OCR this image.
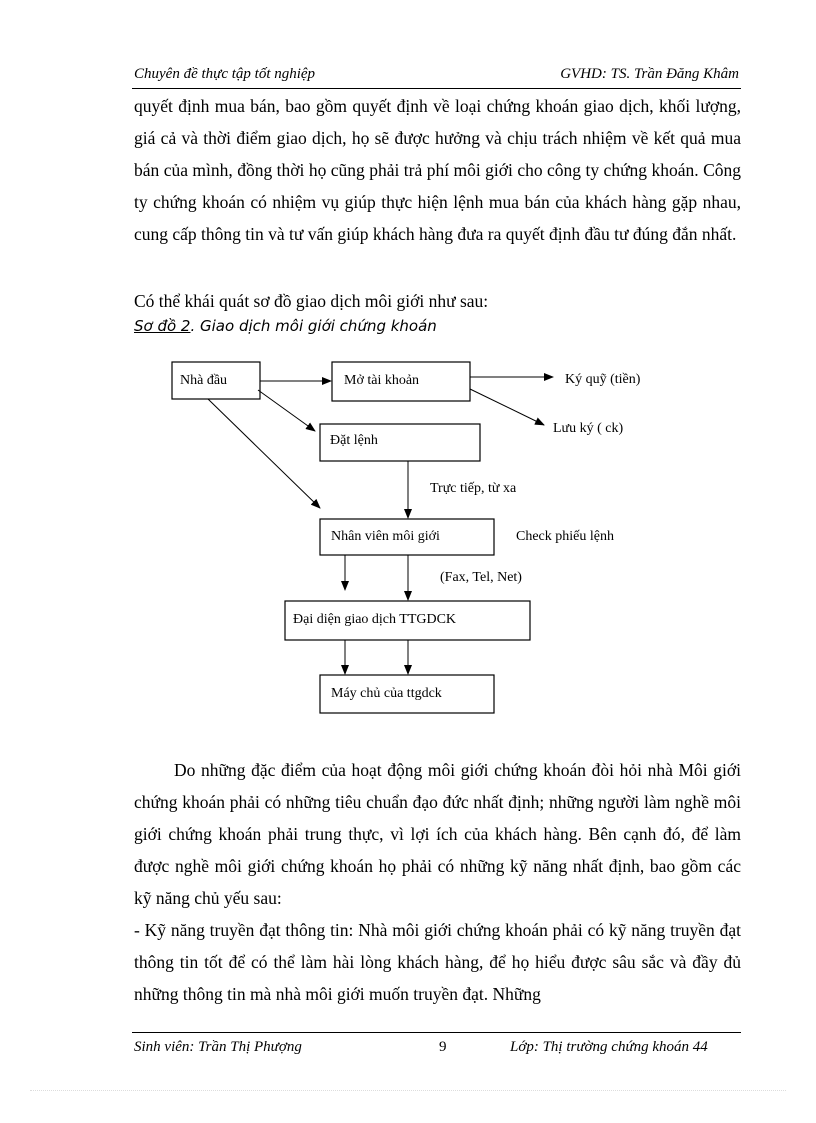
Chuyên đề thực tập tốt nghiệp	GVHD: TS. Trần Đăng Khâm

quyết định mua bán, bao gồm quyết định về loại chứng khoán giao dịch, khối lượng, giá cả và thời điểm giao dịch, họ sẽ được hưởng và chịu trách nhiệm về kết quả mua bán của mình, đồng thời họ cũng phải trả phí môi giới cho công ty chứng khoán. Công ty chứng khoán có nhiệm vụ giúp thực hiện lệnh mua bán của khách hàng gặp nhau, cung cấp thông tin và tư vấn giúp khách hàng đưa ra quyết định đầu tư đúng đắn nhất.

Có thể khái quát sơ đồ giao dịch môi giới như sau:
Sơ đồ 2. Giao dịch môi giới chứng khoán
Nhà đầu	Mở tài khoản	Ký quỹ (tiền)
Lưu ký ( ck)
Đặt lệnh
Trực tiếp, từ xa
Nhân viên môi giới	Check phiếu lệnh
(Fax, Tel, Net)
Đại diện giao dịch TTGDCK
Máy chủ của ttgdck

Do những đặc điểm của hoạt động môi giới chứng khoán đòi hỏi nhà Môi giới chứng khoán phải có những tiêu chuẩn đạo đức nhất định; những người làm nghề môi giới chứng khoán phải trung thực, vì lợi ích của khách hàng. Bên cạnh đó, để làm được nghề môi giới chứng khoán họ phải có những kỹ năng nhất định, bao gồm các kỹ năng chủ yếu sau:

- Kỹ năng truyền đạt thông tin: Nhà môi giới chứng khoán phải có kỹ năng truyền đạt thông tin tốt để có thể làm hài lòng khách hàng, để họ hiểu được sâu sắc và đầy đủ những thông tin mà nhà môi giới muốn truyền đạt. Những

Sinh viên: Trần Thị Phượng	9	Lớp: Thị trường chứng khoán 44
